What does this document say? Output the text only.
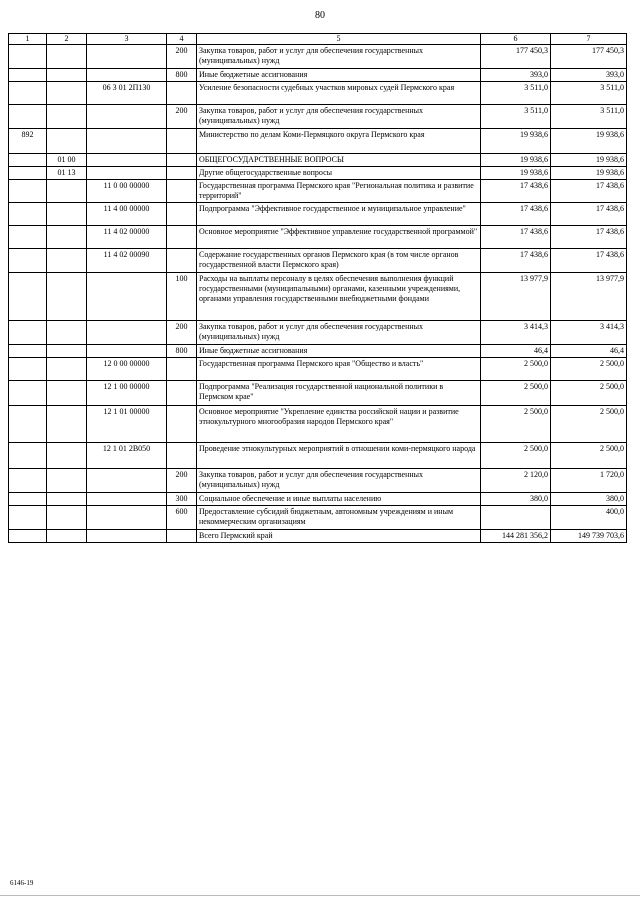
80
1	2	3	4	5	6	7
			200	Закупка товаров, работ и услуг для обеспечения государственных (муниципальных) нужд	177 450,3	177 450,3
			800	Иные бюджетные ассигнования	393,0	393,0
		06 3 01 2П130		Усиление безопасности судебных участков мировых судей Пермского края	3 511,0	3 511,0
			200	Закупка товаров, работ и услуг для обеспечения государственных (муниципальных) нужд	3 511,0	3 511,0
892				Министерство по делам Коми-Пермяцкого округа Пермского края	19 938,6	19 938,6
	01 00			ОБЩЕГОСУДАРСТВЕННЫЕ ВОПРОСЫ	19 938,6	19 938,6
	01 13			Другие общегосударственные вопросы	19 938,6	19 938,6
		11 0 00 00000		Государственная программа Пермского края "Региональная политика и развитие территорий"	17 438,6	17 438,6
		11 4 00 00000		Подпрограмма "Эффективное государственное и муниципальное управление"	17 438,6	17 438,6
		11 4 02 00000		Основное мероприятие "Эффективное управление государственной программой"	17 438,6	17 438,6
		11 4 02 00090		Содержание государственных органов Пермского края (в том числе органов государственной власти Пермского края)	17 438,6	17 438,6
			100	Расходы на выплаты персоналу в целях обеспечения выполнения функций государственными (муниципальными) органами, казенными учреждениями, органами управления государственными внебюджетными фондами	13 977,9	13 977,9
			200	Закупка товаров, работ и услуг для обеспечения государственных (муниципальных) нужд	3 414,3	3 414,3
			800	Иные бюджетные ассигнования	46,4	46,4
		12 0 00 00000		Государственная программа Пермского края "Общество и власть"	2 500,0	2 500,0
		12 1 00 00000		Подпрограмма "Реализация государственной национальной политики в Пермском крае"	2 500,0	2 500,0
		12 1 01 00000		Основное мероприятие "Укрепление единства российской нации и развитие этнокультурного многообразия народов Пермского края"	2 500,0	2 500,0
		12 1 01 2В050		Проведение этнокультурных мероприятий в отношении коми-пермяцкого народа	2 500,0	2 500,0
			200	Закупка товаров, работ и услуг для обеспечения государственных (муниципальных) нужд	2 120,0	1 720,0
			300	Социальное обеспечение и иные выплаты населению	380,0	380,0
			600	Предоставление субсидий бюджетным, автономным учреждениям и иным некоммерческим организациям		400,0
				Всего Пермский край	144 281 356,2	149 739 703,6
6146-19
